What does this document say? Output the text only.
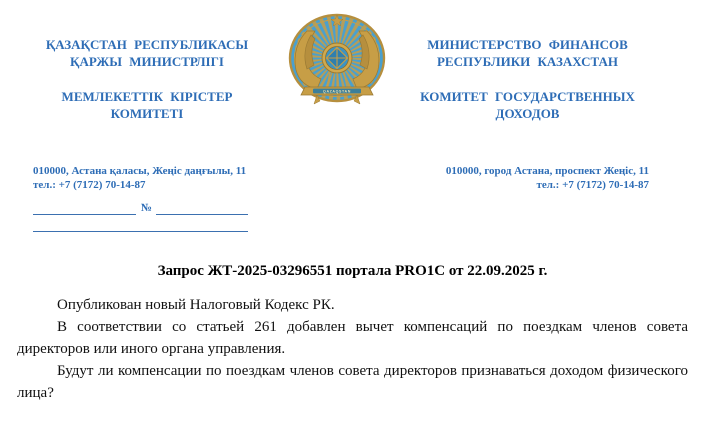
ҚАЗАҚСТАН РЕСПУБЛИКАСЫ
ҚАРЖЫ МИНИСТРЛІГІ
МЕМЛЕКЕТТІК КІРІСТЕР
КОМИТЕТІ
QAZAQSTAN
МИНИСТЕРСТВО ФИНАНСОВ
РЕСПУБЛИКИ КАЗАХСТАН
КОМИТЕТ ГОСУДАРСТВЕННЫХ
ДОХОДОВ
010000, Астана қаласы, Жеңіс даңғылы, 11
тел.: +7 (7172) 70-14-87
№
010000, город Астана, проспект Жеңіс, 11
тел.: +7 (7172) 70-14-87
Запрос ЖТ-2025-03296551 портала PRO1C от 22.09.2025 г.

Опубликован новый Налоговый Кодекс РК.

В соответствии со статьей 261 добавлен вычет компенсаций по поездкам членов совета директоров или иного органа управления.

Будут ли компенсации по поездкам членов совета директоров признаваться доходом физического лица?
